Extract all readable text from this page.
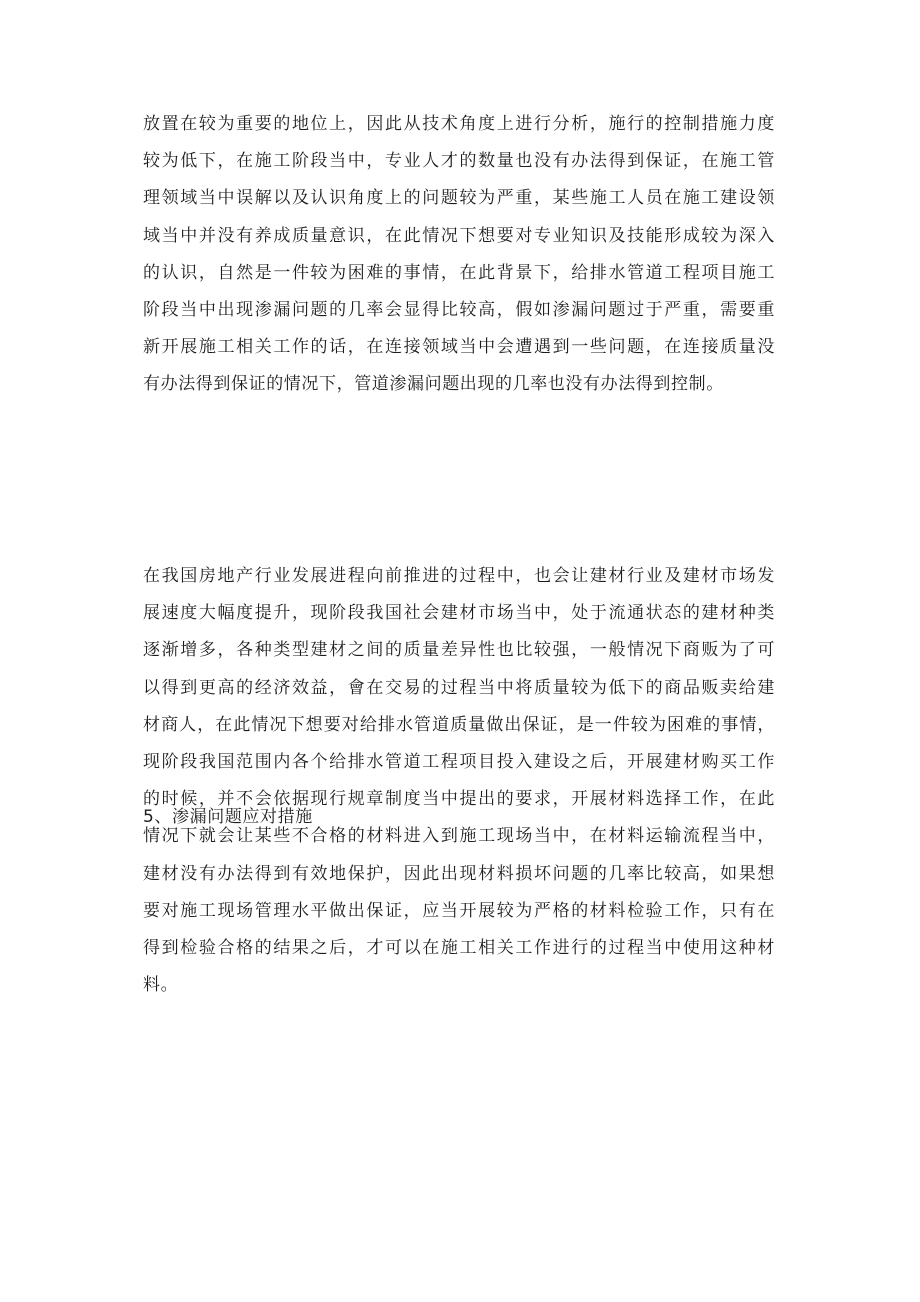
放置在较为重要的地位上，因此从技术角度上进行分析，施行的控制措施力度
较为低下，在施工阶段当中，专业人才的数量也没有办法得到保证，在施工管
理领域当中误解以及认识角度上的问题较为严重，某些施工人员在施工建设领
域当中并没有养成质量意识，在此情况下想要对专业知识及技能形成较为深入
的认识，自然是一件较为困难的事情，在此背景下，给排水管道工程项目施工
阶段当中出现渗漏问题的几率会显得比较高，假如渗漏问题过于严重，需要重
新开展施工相关工作的话，在连接领域当中会遭遇到一些问题，在连接质量没
有办法得到保证的情况下，管道渗漏问题出现的几率也没有办法得到控制。
在我国房地产行业发展进程向前推进的过程中，也会让建材行业及建材市场发
展速度大幅度提升，现阶段我国社会建材市场当中，处于流通状态的建材种类
逐渐增多，各种类型建材之间的质量差异性也比较强，一般情况下商贩为了可
以得到更高的经济效益，會在交易的过程当中将质量较为低下的商品贩卖给建
材商人，在此情况下想要对给排水管道质量做出保证，是一件较为困难的事情，
现阶段我国范围内各个给排水管道工程项目投入建设之后，开展建材购买工作
的时候，并不会依据现行规章制度当中提出的要求，开展材料选择工作，在此
情况下就会让某些不合格的材料进入到施工现场当中，在材料运输流程当中，
建材没有办法得到有效地保护，因此出现材料损坏问题的几率比较高，如果想
要对施工现场管理水平做出保证，应当开展较为严格的材料检验工作，只有在
得到检验合格的结果之后，才可以在施工相关工作进行的过程当中使用这种材
料。
5、渗漏问题应对措施
